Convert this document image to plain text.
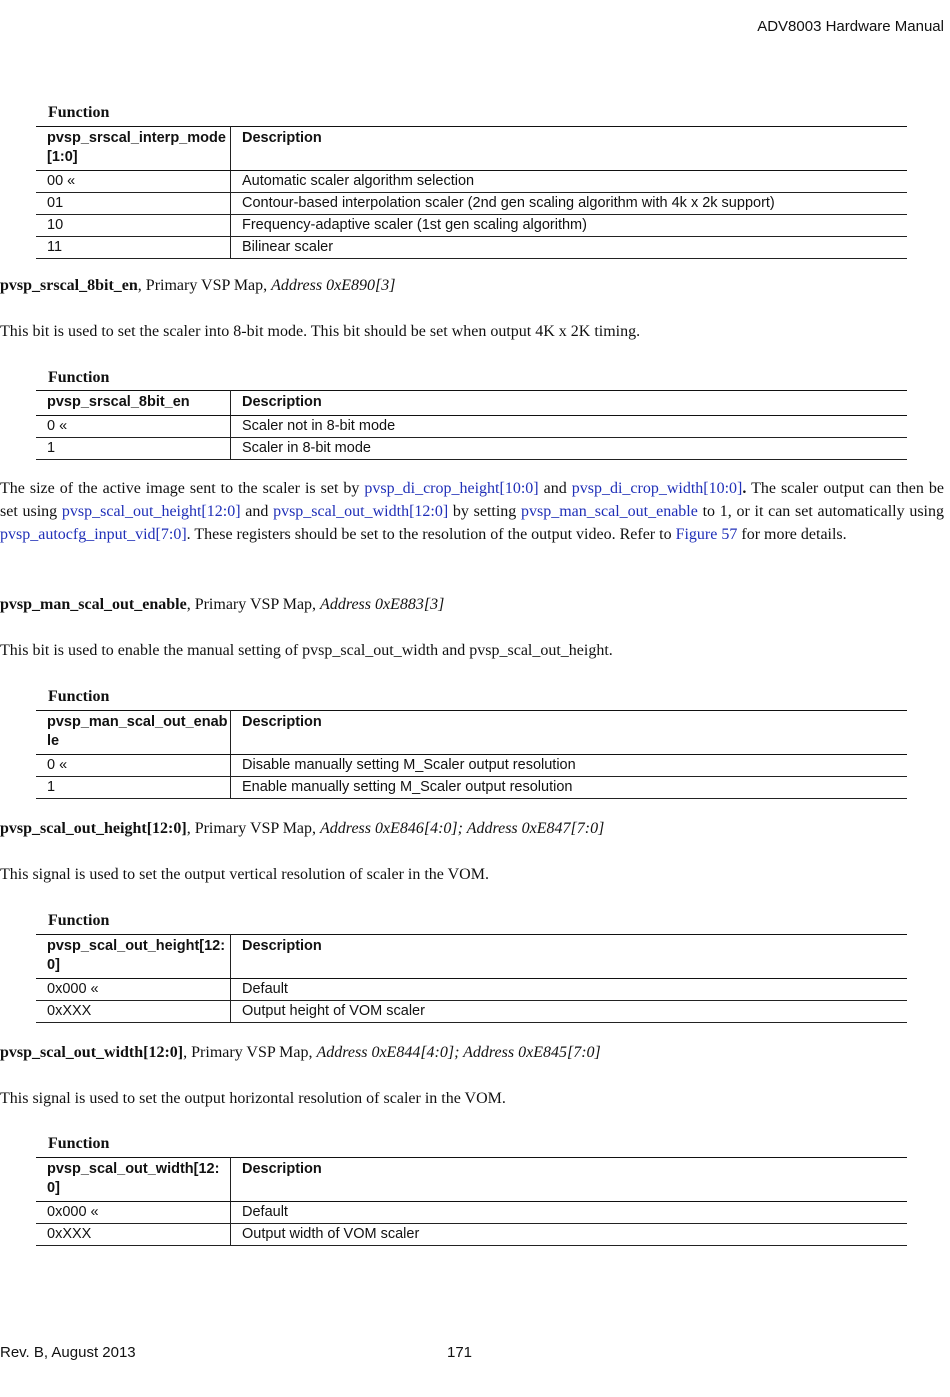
ADV8003 Hardware Manual
Function
pvsp_srscal_interp_mode[1:0]	Description
00 «	Automatic scaler algorithm selection
01	Contour-based interpolation scaler (2nd gen scaling algorithm with 4k x 2k support)
10	Frequency-adaptive scaler (1st gen scaling algorithm)
11	Bilinear scaler

pvsp_srscal_8bit_en, Primary VSP Map, Address 0xE890[3]

This bit is used to set the scaler into 8-bit mode. This bit should be set when output 4K x 2K timing.

Function
pvsp_srscal_8bit_en	Description
0 «	Scaler not in 8-bit mode
1	Scaler in 8-bit mode

The size of the active image sent to the scaler is set by pvsp_di_crop_height[10:0] and pvsp_di_crop_width[10:0]. The scaler output can then be set using pvsp_scal_out_height[12:0] and pvsp_scal_out_width[12:0] by setting pvsp_man_scal_out_enable to 1, or it can set automatically using pvsp_autocfg_input_vid[7:0]. These registers should be set to the resolution of the output video. Refer to Figure 57 for more details.

pvsp_man_scal_out_enable, Primary VSP Map, Address 0xE883[3]

This bit is used to enable the manual setting of pvsp_scal_out_width and pvsp_scal_out_height.

Function
pvsp_man_scal_out_enable	Description
0 «	Disable manually setting M_Scaler output resolution
1	Enable manually setting M_Scaler output resolution

pvsp_scal_out_height[12:0], Primary VSP Map, Address 0xE846[4:0]; Address 0xE847[7:0]

This signal is used to set the output vertical resolution of scaler in the VOM.

Function
pvsp_scal_out_height[12:0]	Description
0x000 «	Default
0xXXX	Output height of VOM scaler

pvsp_scal_out_width[12:0], Primary VSP Map, Address 0xE844[4:0]; Address 0xE845[7:0]

This signal is used to set the output horizontal resolution of scaler in the VOM.

Function
pvsp_scal_out_width[12:0]	Description
0x000 «	Default
0xXXX	Output width of VOM scaler
Rev. B, August 2013	171
